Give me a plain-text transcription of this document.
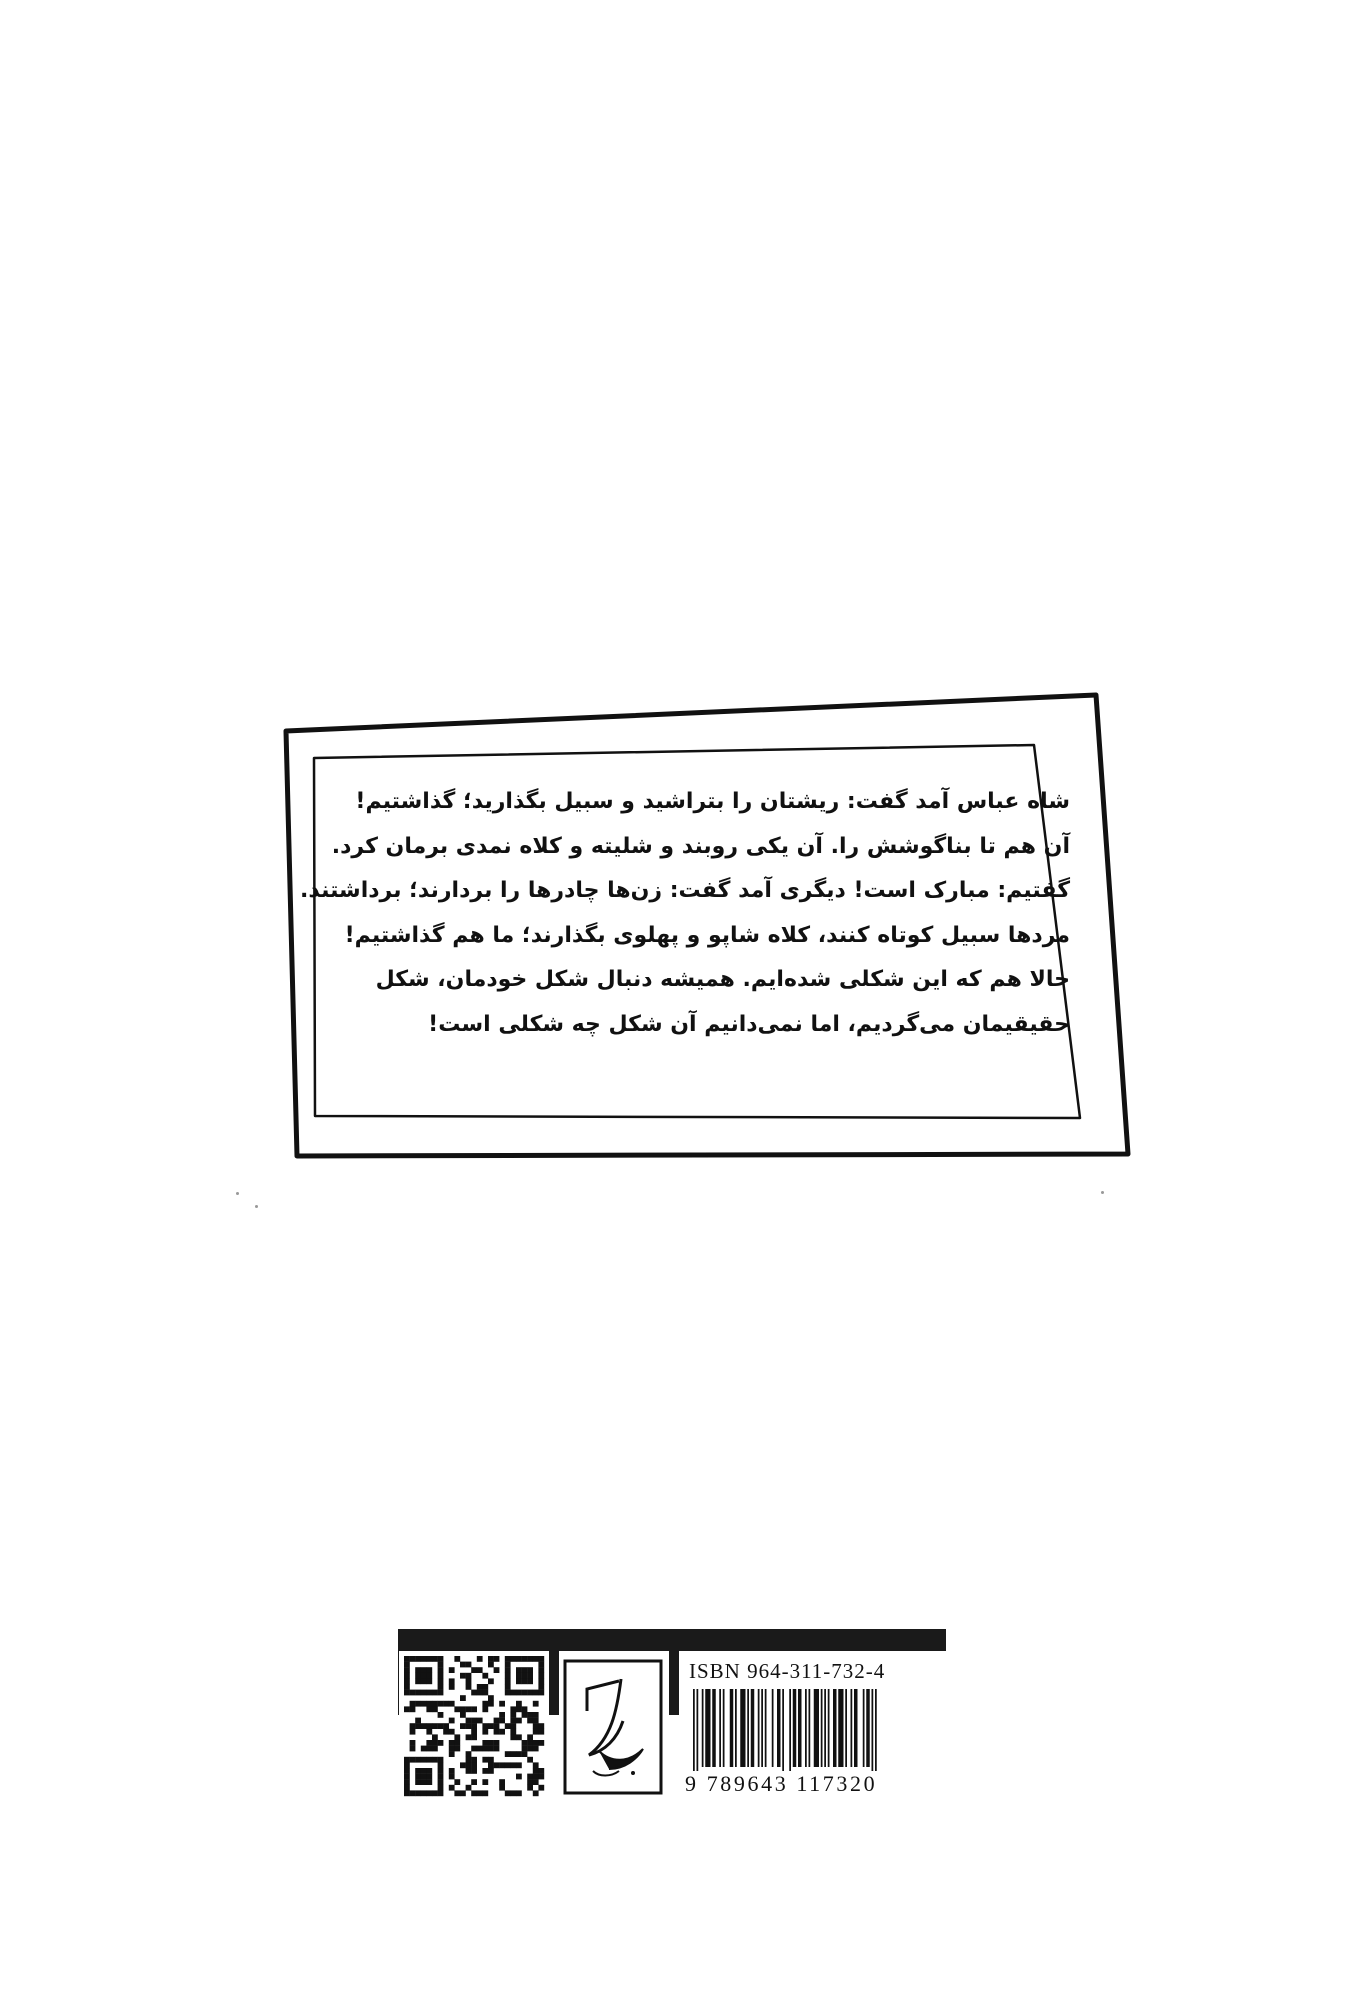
شاه عباس آمد گفت: ریشتان را بتراشید و سبیل بگذارید؛ گذاشتیم!
آن هم تا بناگوشش را. آن یکی روبند و شلیته و کلاه نمدی برمان کرد.
گفتیم: مبارک است! دیگری آمد گفت: زن‌ها چادرها را بردارند؛ برداشتند.
مردها سبیل کوتاه کنند، کلاه شاپو و پهلوی بگذارند؛ ما هم گذاشتیم!
حالا هم که این شکلی شده‌ایم. همیشه دنبال شکل خودمان، شکل
حقیقیمان می‌گردیم، اما نمی‌دانیم آن شکل چه شکلی است!

ISBN 964-311-732-4
9 789643 117320
